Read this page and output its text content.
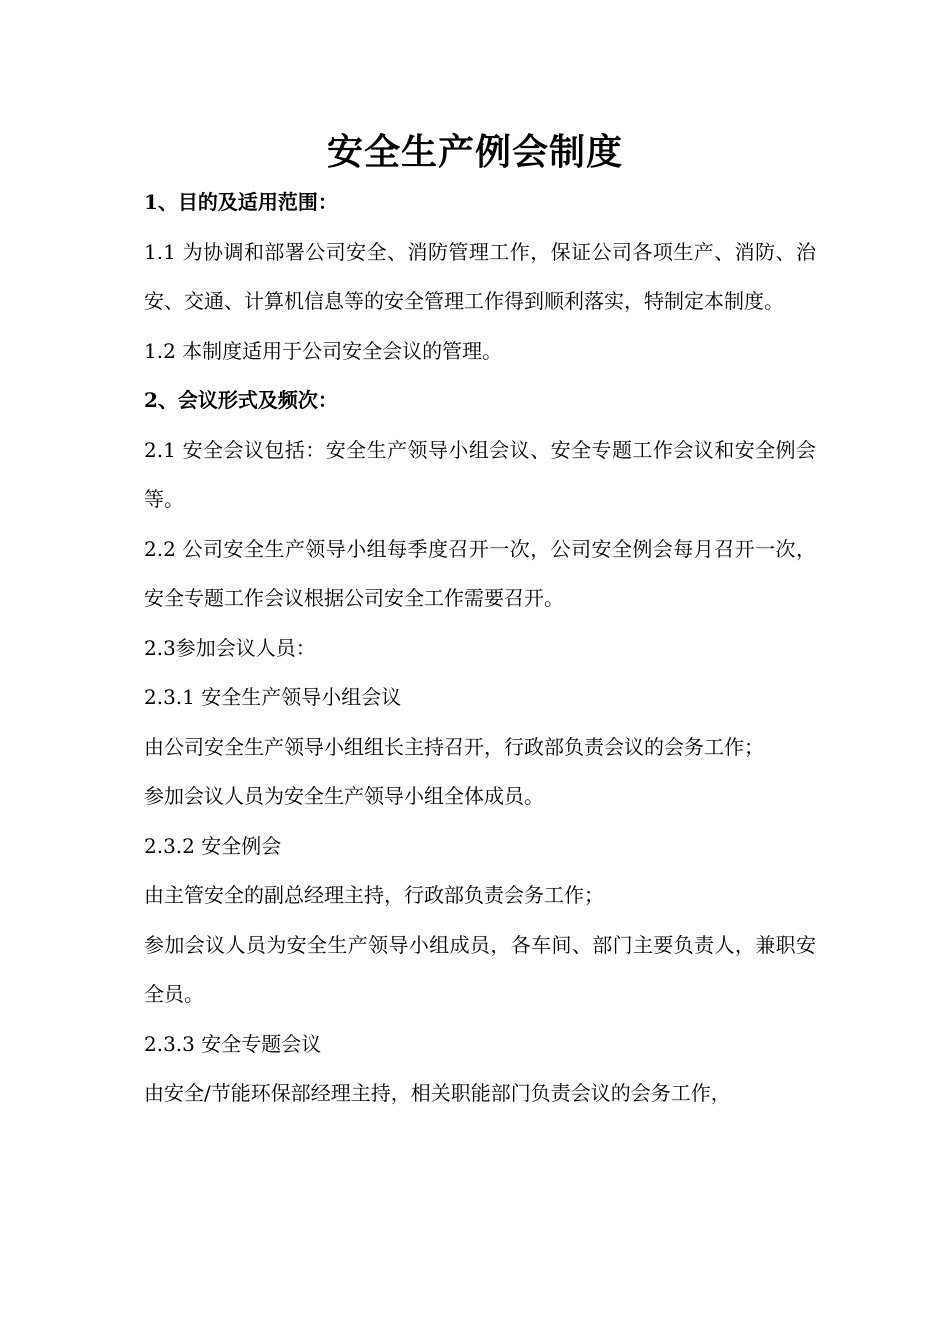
安全生产例会制度

1、目的及适用范围：

1.1 为协调和部署公司安全、消防管理工作，保证公司各项生产、消防、治安、交通、计算机信息等的安全管理工作得到顺利落实，特制定本制度。

1.2 本制度适用于公司安全会议的管理。

2、会议形式及频次：

2.1 安全会议包括：安全生产领导小组会议、安全专题工作会议和安全例会等。

2.2 公司安全生产领导小组每季度召开一次，公司安全例会每月召开一次，安全专题工作会议根据公司安全工作需要召开。

2.3参加会议人员：

2.3.1 安全生产领导小组会议

由公司安全生产领导小组组长主持召开，行政部负责会议的会务工作；

参加会议人员为安全生产领导小组全体成员。

2.3.2 安全例会

由主管安全的副总经理主持，行政部负责会务工作；

参加会议人员为安全生产领导小组成员，各车间、部门主要负责人，兼职安全员。

2.3.3 安全专题会议

由安全/节能环保部经理主持，相关职能部门负责会议的会务工作，
